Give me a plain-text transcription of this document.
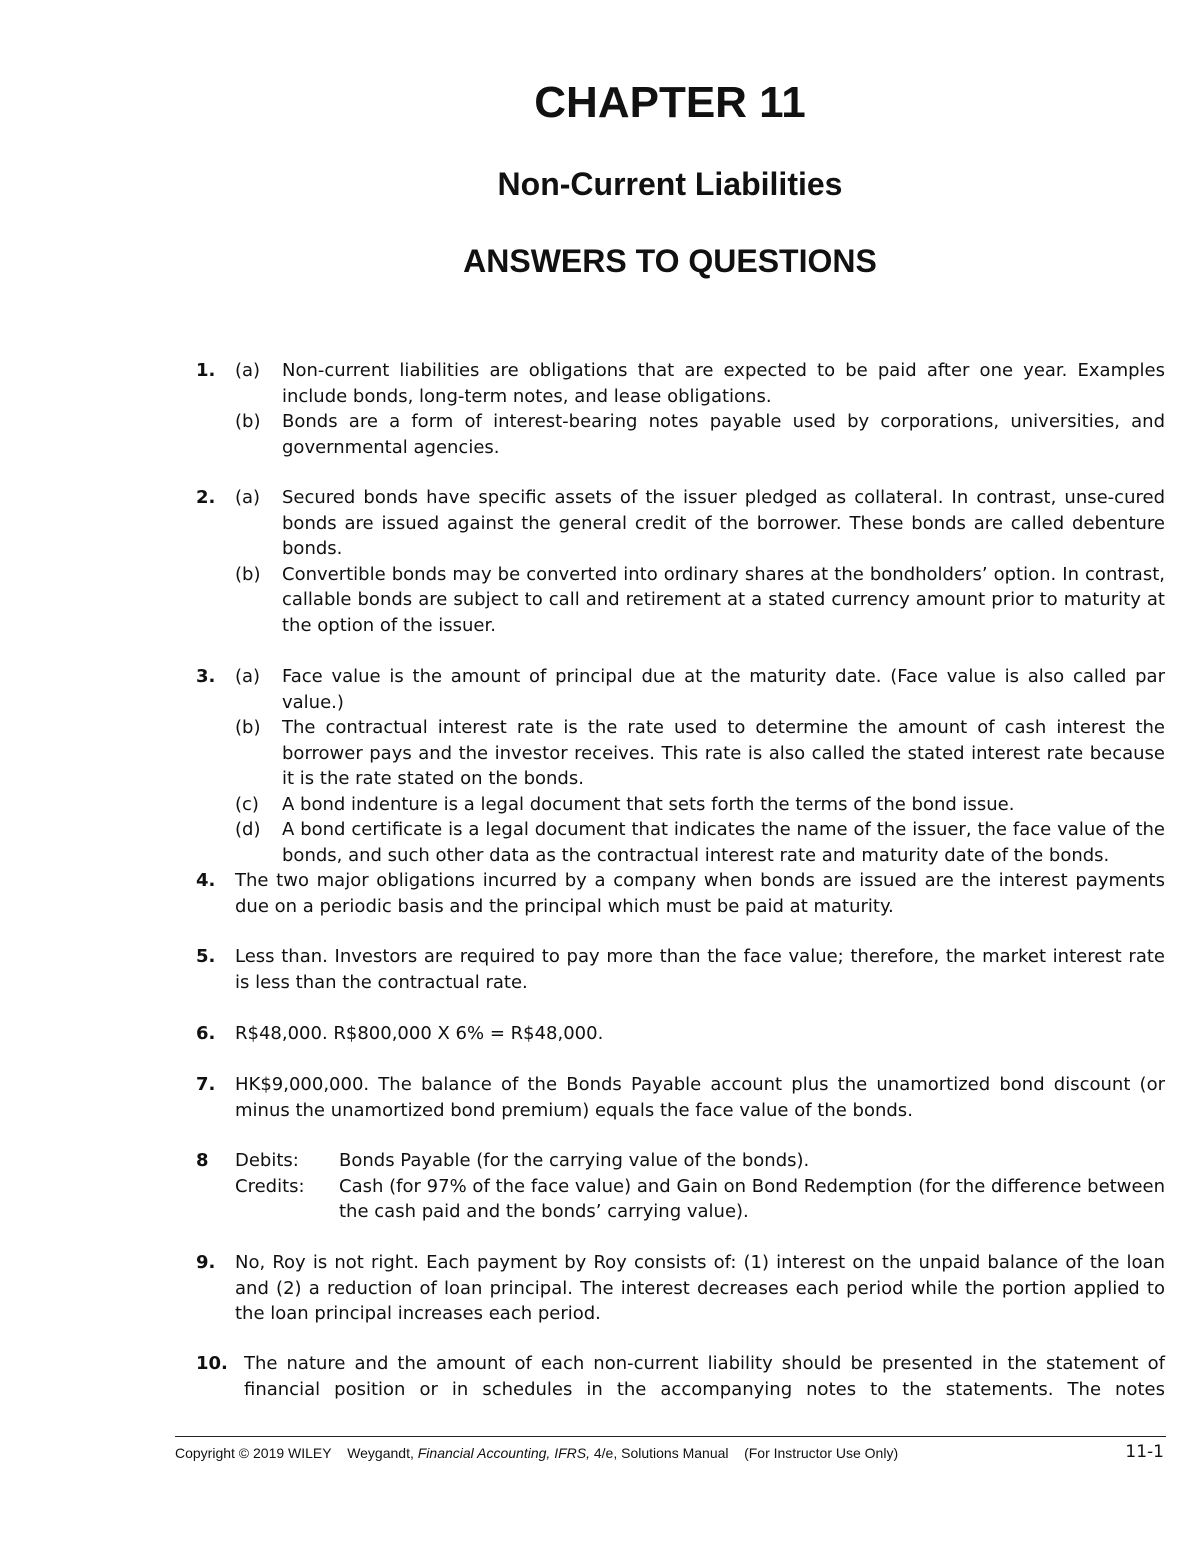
CHAPTER 11
Non-Current Liabilities
ANSWERS TO QUESTIONS
1.	(a)	Non-current liabilities are obligations that are expected to be paid after one year. Examples include bonds, long-term notes, and lease obligations.
(b)	Bonds are a form of interest-bearing notes payable used by corporations, universities, and governmental agencies.
2.	(a)	Secured bonds have specific assets of the issuer pledged as collateral. In contrast, unse-cured bonds are issued against the general credit of the borrower. These bonds are called debenture bonds.
(b)	Convertible bonds may be converted into ordinary shares at the bondholders’ option. In contrast, callable bonds are subject to call and retirement at a stated currency amount prior to maturity at the option of the issuer.
3.	(a)	Face value is the amount of principal due at the maturity date. (Face value is also called par value.)
(b)	The contractual interest rate is the rate used to determine the amount of cash interest the borrower pays and the investor receives. This rate is also called the stated interest rate because it is the rate stated on the bonds.
(c)	A bond indenture is a legal document that sets forth the terms of the bond issue.
(d)	A bond certificate is a legal document that indicates the name of the issuer, the face value of the bonds, and such other data as the contractual interest rate and maturity date of the bonds.
4.	The two major obligations incurred by a company when bonds are issued are the interest payments due on a periodic basis and the principal which must be paid at maturity.
5.	Less than. Investors are required to pay more than the face value; therefore, the market interest rate is less than the contractual rate.
6.	R$48,000. R$800,000 X 6% = R$48,000.
7.	HK$9,000,000. The balance of the Bonds Payable account plus the unamortized bond discount (or minus the unamortized bond premium) equals the face value of the bonds.
8	Debits:	Bonds Payable (for the carrying value of the bonds).
Credits:	Cash (for 97% of the face value) and Gain on Bond Redemption (for the difference between the cash paid and the bonds’ carrying value).
9.	No, Roy is not right. Each payment by Roy consists of: (1) interest on the unpaid balance of the loan and (2) a reduction of loan principal. The interest decreases each period while the portion applied to the loan principal increases each period.
10. The nature and the amount of each non-current liability should be presented in the statement of financial position or in schedules in the accompanying notes to the statements. The notes
Copyright © 2019 WILEY Weygandt, Financial Accounting, IFRS, 4/e, Solutions Manual (For Instructor Use Only)	11-1
